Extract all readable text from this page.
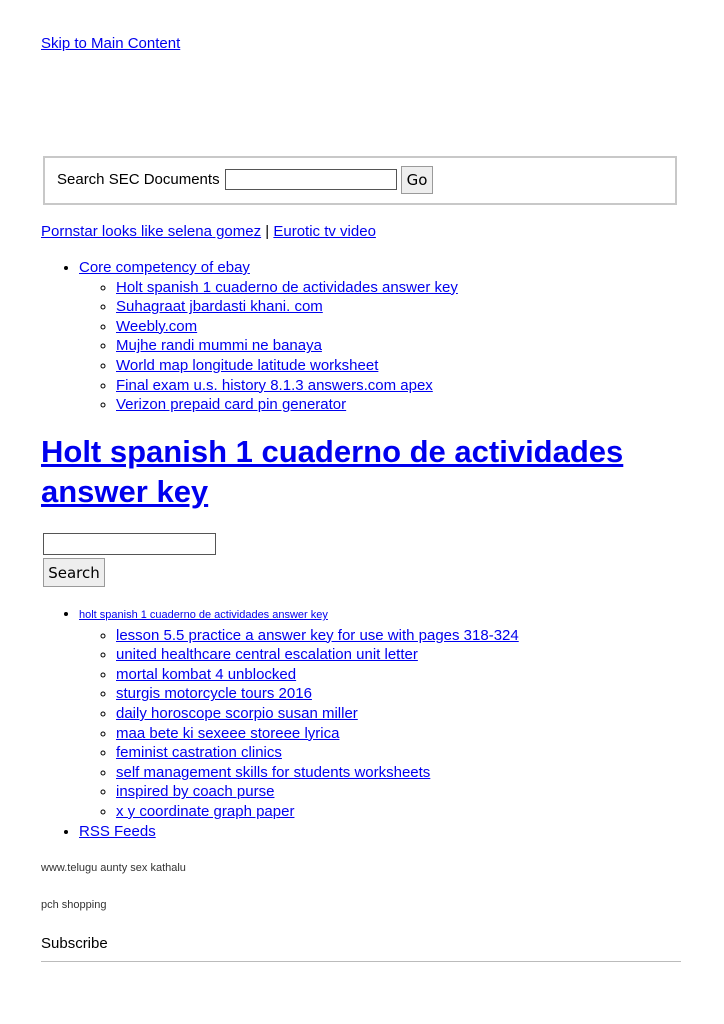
Skip to Main Content
Search SEC Documents	Go
Pornstar looks like selena gomez | Eurotic tv video
• Core competency of ebay
◦ Holt spanish 1 cuaderno de actividades answer key
◦ Suhagraat jbardasti khani. com
◦ Weebly.com
◦ Mujhe randi mummi ne banaya
◦ World map longitude latitude worksheet
◦ Final exam u.s. history 8.1.3 answers.com apex
◦ Verizon prepaid card pin generator
Holt spanish 1 cuaderno de actividades answer key
Search
• holt spanish 1 cuaderno de actividades answer key
◦ lesson 5.5 practice a answer key for use with pages 318-324
◦ united healthcare central escalation unit letter
◦ mortal kombat 4 unblocked
◦ sturgis motorcycle tours 2016
◦ daily horoscope scorpio susan miller
◦ maa bete ki sexeee storeee lyrica
◦ feminist castration clinics
◦ self management skills for students worksheets
◦ inspired by coach purse
◦ x y coordinate graph paper
• RSS Feeds
www.telugu aunty sex kathalu
pch shopping
Subscribe
